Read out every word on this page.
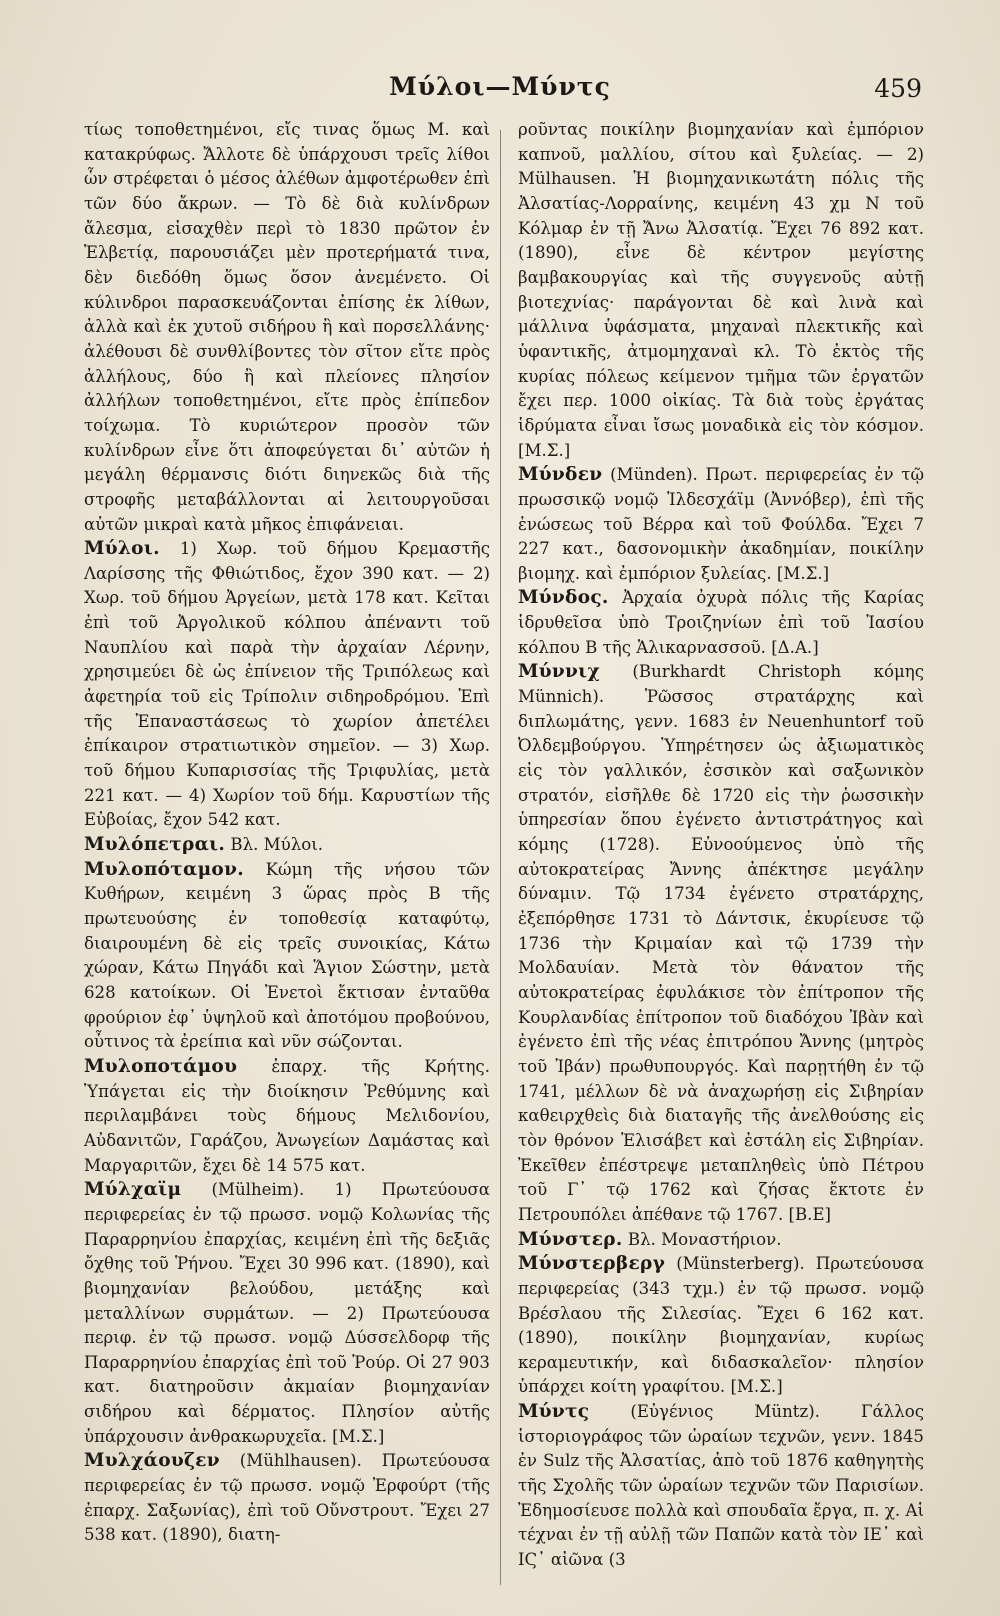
Μύλοι—Μύντς	459

τίως τοποθετημένοι, εἴς τινας ὅμως Μ. καὶ κατακρύφως. Ἄλλοτε δὲ ὑπάρχουσι τρεῖς λίθοι ὧν στρέφεται ὁ μέσος ἀλέθων ἀμφοτέρωθεν ἐπὶ τῶν δύο ἄκρων. — Τὸ δὲ διὰ κυλίνδρων ἄλεσμα, εἰσαχθὲν περὶ τὸ 1830 πρῶτον ἐν Ἑλβετίᾳ, παρουσιάζει μὲν προτερήματά τινα, δὲν διεδόθη ὅμως ὅσον ἀνεμένετο. Οἱ κύλινδροι παρασκευάζονται ἐπίσης ἐκ λίθων, ἀλλὰ καὶ ἐκ χυτοῦ σιδήρου ἢ καὶ πορσελλάνης· ἀλέθουσι δὲ συνθλίβοντες τὸν σῖτον εἴτε πρὸς ἀλλήλους, δύο ἢ καὶ πλείονες πλησίον ἀλλήλων τοποθετημένοι, εἴτε πρὸς ἐπίπεδον τοίχωμα. Τὸ κυριώτερον προσὸν τῶν κυλίνδρων εἶνε ὅτι ἀποφεύγεται δι᾽ αὐτῶν ἡ μεγάλη θέρμανσις διότι διηνεκῶς διὰ τῆς στροφῆς μεταβάλλονται αἱ λειτουργοῦσαι αὐτῶν μικραὶ κατὰ μῆκος ἐπιφάνειαι.

Μύλοι. 1) Χωρ. τοῦ δήμου Κρεμαστῆς Λαρίσσης τῆς Φθιώτιδος, ἔχον 390 κατ. — 2) Χωρ. τοῦ δήμου Ἀργείων, μετὰ 178 κατ. Κεῖται ἐπὶ τοῦ Ἀργολικοῦ κόλπου ἀπέναντι τοῦ Ναυπλίου καὶ παρὰ τὴν ἀρχαίαν Λέρνην, χρησιμεύει δὲ ὡς ἐπίνειον τῆς Τριπόλεως καὶ ἀφετηρία τοῦ εἰς Τρίπολιν σιδηροδρόμου. Ἐπὶ τῆς Ἐπαναστάσεως τὸ χωρίον ἀπετέλει ἐπίκαιρον στρατιωτικὸν σημεῖον. — 3) Χωρ. τοῦ δήμου Κυπαρισσίας τῆς Τριφυλίας, μετὰ 221 κατ. — 4) Χωρίον τοῦ δήμ. Καρυστίων τῆς Εὐβοίας, ἔχον 542 κατ.

Μυλόπετραι. Βλ. Μύλοι.

Μυλοπόταμον. Κώμη τῆς νήσου τῶν Κυθήρων, κειμένη 3 ὥρας πρὸς Β τῆς πρωτευούσης ἐν τοποθεσίᾳ καταφύτῳ, διαιρουμένη δὲ εἰς τρεῖς συνοικίας, Κάτω χώραν, Κάτω Πηγάδι καὶ Ἅγιον Σώστην, μετὰ 628 κατοίκων. Οἱ Ἑνετοὶ ἔκτισαν ἐνταῦθα φρούριον ἐφ᾽ ὑψηλοῦ καὶ ἀποτόμου προβούνου, οὗτινος τὰ ἐρείπια καὶ νῦν σώζονται.

Μυλοποτάμου ἐπαρχ. τῆς Κρήτης. Ὑπάγεται εἰς τὴν διοίκησιν Ῥεθύμνης καὶ περιλαμβάνει τοὺς δήμους Μελιδονίου, Αὐδανιτῶν, Γαράζου, Ἀνωγείων Δαμάστας καὶ Μαργαριτῶν, ἔχει δὲ 14 575 κατ.

Μύλχαϊμ (Mülheim). 1) Πρωτεύουσα περιφερείας ἐν τῷ πρωσσ. νομῷ Κολωνίας τῆς Παραρρηνίου ἐπαρχίας, κειμένη ἐπὶ τῆς δεξιᾶς ὄχθης τοῦ Ῥήνου. Ἔχει 30 996 κατ. (1890), καὶ βιομηχανίαν βελούδου, μετάξης καὶ μεταλλίνων συρμάτων. — 2) Πρωτεύουσα περιφ. ἐν τῷ πρωσσ. νομῷ Δύσσελδορφ τῆς Παραρρηνίου ἐπαρχίας ἐπὶ τοῦ Ῥούρ. Οἱ 27 903 κατ. διατηροῦσιν ἀκμαίαν βιομηχανίαν σιδήρου καὶ δέρματος. Πλησίον αὐτῆς ὑπάρχουσιν ἀνθρακωρυχεῖα. [Μ.Σ.]

Μυλχάουζεν (Mühlhausen). Πρωτεύουσα περιφερείας ἐν τῷ πρωσσ. νομῷ Ἐρφούρτ (τῆς ἐπαρχ. Σαξωνίας), ἐπὶ τοῦ Οὔνστρουτ. Ἔχει 27 538 κατ. (1890), διατη-

ροῦντας ποικίλην βιομηχανίαν καὶ ἐμπόριον καπνοῦ, μαλλίου, σίτου καὶ ξυλείας. — 2) Mülhausen. Ἡ βιομηχανικωτάτη πόλις τῆς Ἀλσατίας-Λορραίνης, κειμένη 43 χμ Ν τοῦ Κόλμαρ ἐν τῇ Ἄνω Ἀλσατίᾳ. Ἔχει 76 892 κατ. (1890), εἶνε δὲ κέντρον μεγίστης βαμβακουργίας καὶ τῆς συγγενοῦς αὐτῇ βιοτεχνίας· παράγονται δὲ καὶ λινὰ καὶ μάλλινα ὑφάσματα, μηχαναὶ πλεκτικῆς καὶ ὑφαντικῆς, ἀτμομηχαναὶ κλ. Τὸ ἐκτὸς τῆς κυρίας πόλεως κείμενον τμῆμα τῶν ἐργατῶν ἔχει περ. 1000 οἰκίας. Τὰ διὰ τοὺς ἐργάτας ἱδρύματα εἶναι ἴσως μοναδικὰ εἰς τὸν κόσμον. [Μ.Σ.]

Μύνδεν (Münden). Πρωτ. περιφερείας ἐν τῷ πρωσσικῷ νομῷ Ἱλδεσχάϊμ (Ἀννόβερ), ἐπὶ τῆς ἑνώσεως τοῦ Βέρρα καὶ τοῦ Φούλδα. Ἔχει 7 227 κατ., δασονομικὴν ἀκαδημίαν, ποικίλην βιομηχ. καὶ ἐμπόριον ξυλείας. [Μ.Σ.]

Μύνδος. Ἀρχαία ὀχυρὰ πόλις τῆς Καρίας ἱδρυθεῖσα ὑπὸ Τροιζηνίων ἐπὶ τοῦ Ἰασίου κόλπου Β τῆς Ἁλικαρνασσοῦ. [Δ.Α.]

Μύννιχ (Burkhardt Christoph κόμης Münnich). Ῥῶσσος στρατάρχης καὶ διπλωμάτης, γενν. 1683 ἐν Neuenhuntorf τοῦ Ὀλδεμβούργου. Ὑπηρέτησεν ὡς ἀξιωματικὸς εἰς τὸν γαλλικόν, ἐσσικὸν καὶ σαξωνικὸν στρατόν, εἰσῆλθε δὲ 1720 εἰς τὴν ῥωσσικὴν ὑπηρεσίαν ὅπου ἐγένετο ἀντιστράτηγος καὶ κόμης (1728). Εὐνοούμενος ὑπὸ τῆς αὐτοκρατείρας Ἄννης ἀπέκτησε μεγάλην δύναμιν. Τῷ 1734 ἐγένετο στρατάρχης, ἐξεπόρθησε 1731 τὸ Δάντσικ, ἐκυρίευσε τῷ 1736 τὴν Κριμαίαν καὶ τῷ 1739 τὴν Μολδαυίαν. Μετὰ τὸν θάνατον τῆς αὐτοκρατείρας ἐφυλάκισε τὸν ἐπίτροπον τῆς Κουρλανδίας ἐπίτροπον τοῦ διαδόχου Ἰβὰν καὶ ἐγένετο ἐπὶ τῆς νέας ἐπιτρόπου Ἄννης (μητρὸς τοῦ Ἰβάν) πρωθυπουργός. Καὶ παρῃτήθη ἐν τῷ 1741, μέλλων δὲ νὰ ἀναχωρήσῃ εἰς Σιβηρίαν καθειρχθεὶς διὰ διαταγῆς τῆς ἀνελθούσης εἰς τὸν θρόνον Ἐλισάβετ καὶ ἐστάλη εἰς Σιβηρίαν. Ἐκεῖθεν ἐπέστρεψε μεταπληθεὶς ὑπὸ Πέτρου τοῦ Γ᾽ τῷ 1762 καὶ ζήσας ἔκτοτε ἐν Πετρουπόλει ἀπέθανε τῷ 1767. [Β.Ε]

Μύνστερ. Βλ. Μοναστήριον.

Μύνστερβεργ (Münsterberg). Πρωτεύουσα περιφερείας (343 τχμ.) ἐν τῷ πρωσσ. νομῷ Βρέσλαου τῆς Σιλεσίας. Ἔχει 6 162 κατ. (1890), ποικίλην βιομηχανίαν, κυρίως κεραμευτικήν, καὶ διδασκαλεῖον· πλησίον ὑπάρχει κοίτη γραφίτου. [Μ.Σ.]

Μύντς (Εὐγένιος Müntz). Γάλλος ἱστοριογράφος τῶν ὡραίων τεχνῶν, γενν. 1845 ἐν Sulz τῆς Ἀλσατίας, ἀπὸ τοῦ 1876 καθηγητὴς τῆς Σχολῆς τῶν ὡραίων τεχνῶν τῶν Παρισίων. Ἐδημοσίευσε πολλὰ καὶ σπουδαῖα ἔργα, π. χ. Αἱ τέχναι ἐν τῇ αὐλῇ τῶν Παπῶν κατὰ τὸν ΙΕ᾽ καὶ ΙϚ᾽ αἰῶνα (3
